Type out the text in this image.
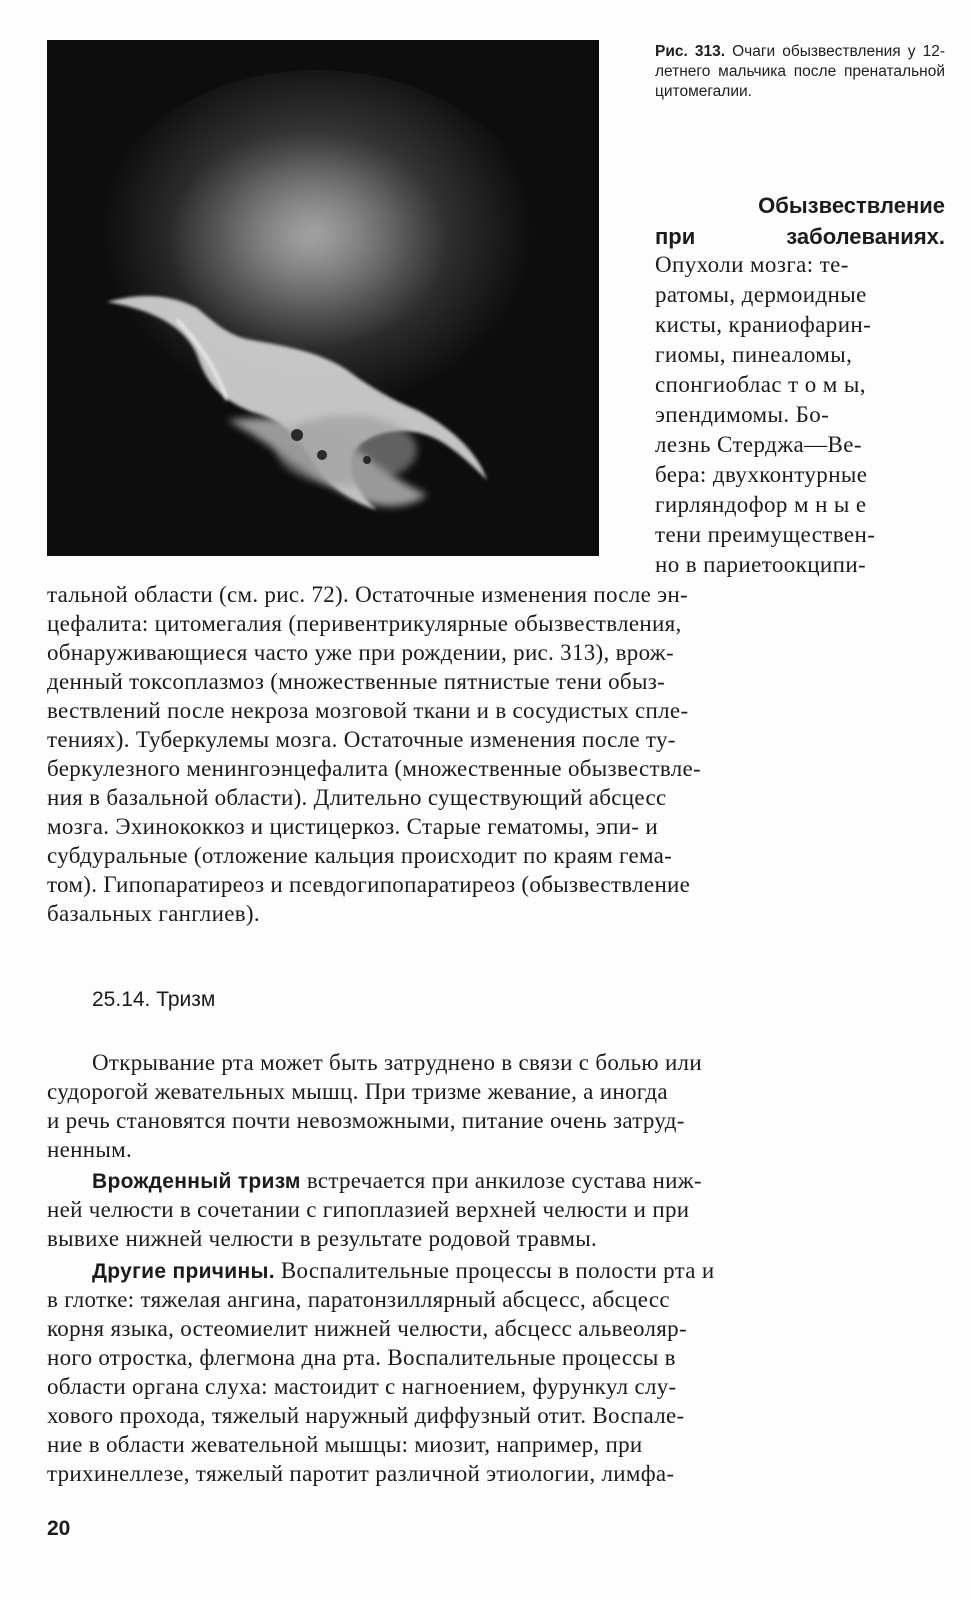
Рис. 313. Очаги обызвествления у 12-летнего мальчика после пренатальной цитомегалии.
Обызвествление
при	заболеваниях.
Опухоли мозга: те-
ратомы, дермоидные
кисты, краниофарин-
гиомы, пинеаломы,
спонгиоблас т о м ы,
эпендимомы. Бо-
лезнь Стерджа—Ве-
бера: двухконтурные
гирляндофор м н ы е
тени преимуществен-
но в париетоокципи-
тальной области (см. рис. 72). Остаточные изменения после эн-
цефалита: цитомегалия (перивентрикулярные обызвествления,
обнаруживающиеся часто уже при рождении, рис. 313), врож-
денный токсоплазмоз (множественные пятнистые тени обыз-
вествлений после некроза мозговой ткани и в сосудистых спле-
тениях). Туберкулемы мозга. Остаточные изменения после ту-
беркулезного менингоэнцефалита (множественные обызвествле-
ния в базальной области). Длительно существующий абсцесс
мозга. Эхинококкоз и цистицеркоз. Старые гематомы, эпи- и
субдуральные (отложение кальция происходит по краям гема-
том). Гипопаратиреоз и псевдогипопаратиреоз (обызвествление
базальных ганглиев).
25.14. Тризм
Открывание рта может быть затруднено в связи с болью или
судорогой жевательных мышц. При тризме жевание, а иногда
и речь становятся почти невозможными, питание очень затруд-
ненным.
Врожденный тризм встречается при анкилозе сустава ниж-
ней челюсти в сочетании с гипоплазией верхней челюсти и при
вывихе нижней челюсти в результате родовой травмы.
Другие причины. Воспалительные процессы в полости рта и
в глотке: тяжелая ангина, паратонзиллярный абсцесс, абсцесс
корня языка, остеомиелит нижней челюсти, абсцесс альвеоляр-
ного отростка, флегмона дна рта. Воспалительные процессы в
области органа слуха: мастоидит с нагноением, фурункул слу-
хового прохода, тяжелый наружный диффузный отит. Воспале-
ние в области жевательной мышцы: миозит, например, при
трихинеллезе, тяжелый паротит различной этиологии, лимфа-
20
